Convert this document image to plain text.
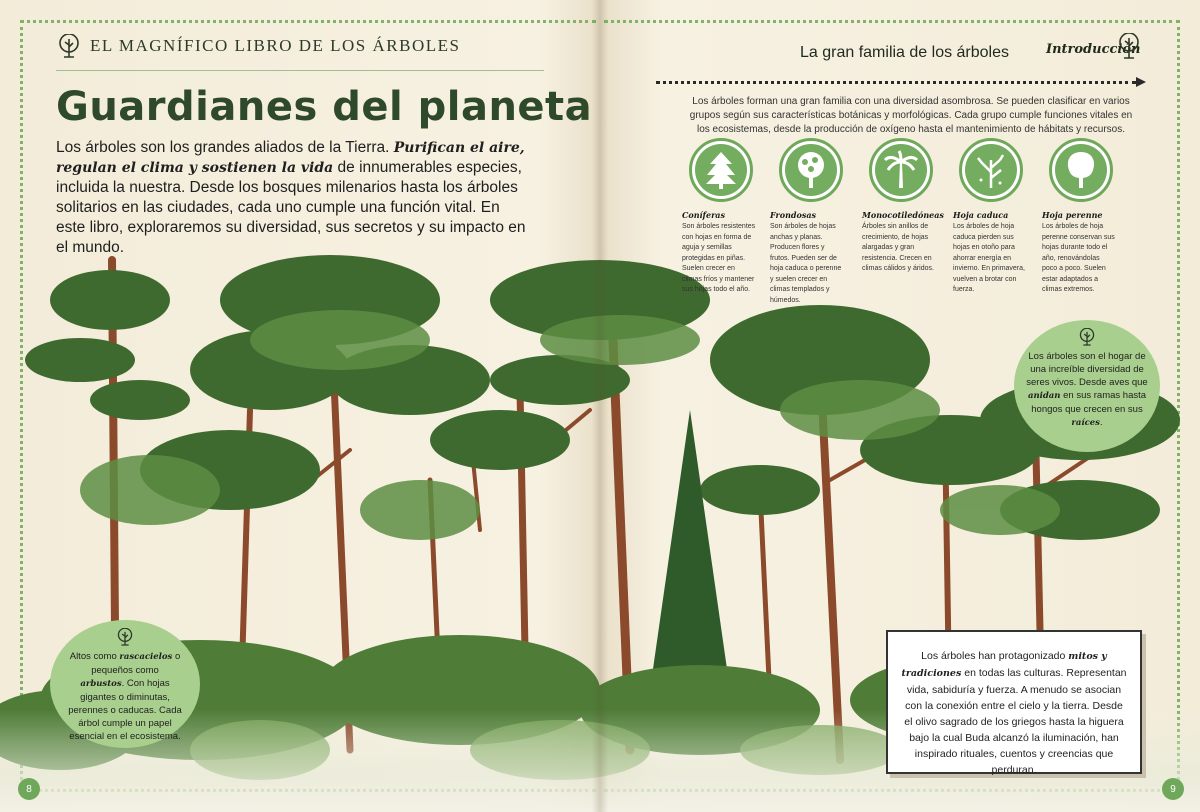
EL MAGNÍFICO LIBRO DE LOS ÁRBOLES	La gran familia de los árboles	Introducción
Guardianes del planeta
Los árboles son los grandes aliados de la Tierra. Purifican el aire, regulan el clima y sostienen la vida de innumerables especies, incluida la nuestra. Desde los bosques milenarios hasta los árboles solitarios en las ciudades, cada uno cumple una función vital. En este libro, exploraremos su diversidad, sus secretos y su impacto en el mundo.
Los árboles forman una gran familia con una diversidad asombrosa. Se pueden clasificar en varios grupos según sus características botánicas y morfológicas. Cada grupo cumple funciones vitales en los ecosistemas, desde la producción de oxígeno hasta el mantenimiento de hábitats y recursos.
Coníferas
Son árboles resistentes con hojas en forma de aguja y semillas protegidas en piñas. Suelen crecer en climas fríos y mantener sus hojas todo el año.
Frondosas
Son árboles de hojas anchas y planas. Producen flores y frutos. Pueden ser de hoja caduca o perenne y suelen crecer en climas templados y húmedos.
Monocotiledóneas
Árboles sin anillos de crecimiento, de hojas alargadas y gran resistencia. Crecen en climas cálidos y áridos.
Hoja caduca
Los árboles de hoja caduca pierden sus hojas en otoño para ahorrar energía en invierno. En primavera, vuelven a brotar con fuerza.
Hoja perenne
Los árboles de hoja perenne conservan sus hojas durante todo el año, renovándolas poco a poco. Suelen estar adaptados a climas extremos.
Altos como rascacielos o pequeños como arbustos. Con hojas gigantes o diminutas, perennes o caducas. Cada árbol cumple un papel esencial en el ecosistema.
Los árboles son el hogar de una increíble diversidad de seres vivos. Desde aves que anidan en sus ramas hasta hongos que crecen en sus raíces.
Los árboles han protagonizado mitos y tradiciones en todas las culturas. Representan vida, sabiduría y fuerza. A menudo se asocian con la conexión entre el cielo y la tierra. Desde el olivo sagrado de los griegos hasta la higuera bajo la cual Buda alcanzó la iluminación, han inspirado rituales, cuentos y creencias que perduran.
8	9
